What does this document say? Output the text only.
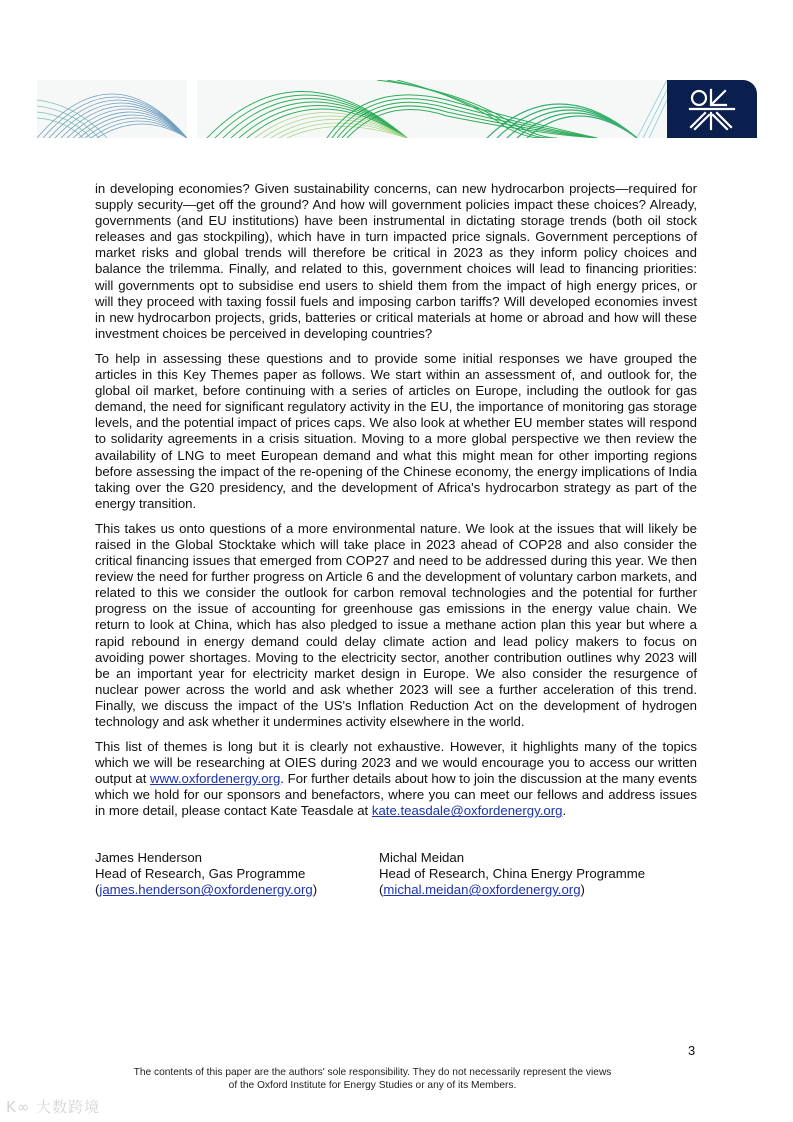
in developing economies? Given sustainability concerns, can new hydrocarbon projects—required for supply security—get off the ground? And how will government policies impact these choices? Already, governments (and EU institutions) have been instrumental in dictating storage trends (both oil stock releases and gas stockpiling), which have in turn impacted price signals. Government perceptions of market risks and global trends will therefore be critical in 2023 as they inform policy choices and balance the trilemma. Finally, and related to this, government choices will lead to financing priorities: will governments opt to subsidise end users to shield them from the impact of high energy prices, or will they proceed with taxing fossil fuels and imposing carbon tariffs? Will developed economies invest in new hydrocarbon projects, grids, batteries or critical materials at home or abroad and how will these investment choices be perceived in developing countries?

To help in assessing these questions and to provide some initial responses we have grouped the articles in this Key Themes paper as follows. We start within an assessment of, and outlook for, the global oil market, before continuing with a series of articles on Europe, including the outlook for gas demand, the need for significant regulatory activity in the EU, the importance of monitoring gas storage levels, and the potential impact of prices caps. We also look at whether EU member states will respond to solidarity agreements in a crisis situation. Moving to a more global perspective we then review the availability of LNG to meet European demand and what this might mean for other importing regions before assessing the impact of the re-opening of the Chinese economy, the energy implications of India taking over the G20 presidency, and the development of Africa's hydrocarbon strategy as part of the energy transition.

This takes us onto questions of a more environmental nature. We look at the issues that will likely be raised in the Global Stocktake which will take place in 2023 ahead of COP28 and also consider the critical financing issues that emerged from COP27 and need to be addressed during this year. We then review the need for further progress on Article 6 and the development of voluntary carbon markets, and related to this we consider the outlook for carbon removal technologies and the potential for further progress on the issue of accounting for greenhouse gas emissions in the energy value chain. We return to look at China, which has also pledged to issue a methane action plan this year but where a rapid rebound in energy demand could delay climate action and lead policy makers to focus on avoiding power shortages. Moving to the electricity sector, another contribution outlines why 2023 will be an important year for electricity market design in Europe. We also consider the resurgence of nuclear power across the world and ask whether 2023 will see a further acceleration of this trend. Finally, we discuss the impact of the US's Inflation Reduction Act on the development of hydrogen technology and ask whether it undermines activity elsewhere in the world.

This list of themes is long but it is clearly not exhaustive. However, it highlights many of the topics which we will be researching at OIES during 2023 and we would encourage you to access our written output at www.oxfordenergy.org. For further details about how to join the discussion at the many events which we hold for our sponsors and benefactors, where you can meet our fellows and address issues in more detail, please contact Kate Teasdale at kate.teasdale@oxfordenergy.org.

James Henderson
Head of Research, Gas Programme
(james.henderson@oxfordenergy.org)
Michal Meidan
Head of Research, China Energy Programme
(michal.meidan@oxfordenergy.org)
3
The contents of this paper are the authors' sole responsibility. They do not necessarily represent the views
of the Oxford Institute for Energy Studies or any of its Members.
K∞ 大数跨境
